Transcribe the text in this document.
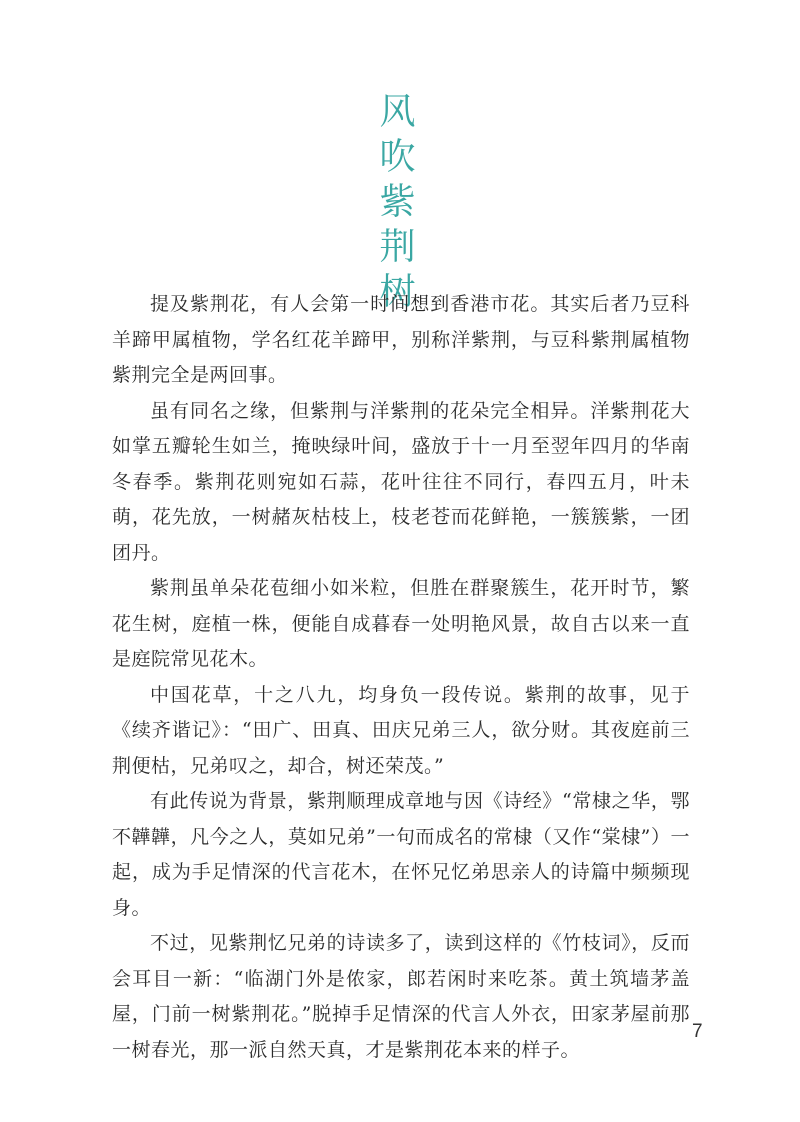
风吹紫荆树

提及紫荆花，有人会第一时间想到香港市花。其实后者乃豆科羊蹄甲属植物，学名红花羊蹄甲，别称洋紫荆，与豆科紫荆属植物紫荆完全是两回事。

虽有同名之缘，但紫荆与洋紫荆的花朵完全相异。洋紫荆花大如掌五瓣轮生如兰，掩映绿叶间，盛放于十一月至翌年四月的华南冬春季。紫荆花则宛如石蒜，花叶往往不同行，春四五月，叶未萌，花先放，一树赭灰枯枝上，枝老苍而花鲜艳，一簇簇紫，一团团丹。

紫荆虽单朵花苞细小如米粒，但胜在群聚簇生，花开时节，繁花生树，庭植一株，便能自成暮春一处明艳风景，故自古以来一直是庭院常见花木。

中国花草，十之八九，均身负一段传说。紫荆的故事，见于《续齐谐记》：“田广、田真、田庆兄弟三人，欲分财。其夜庭前三荆便枯，兄弟叹之，却合，树还荣茂。”

有此传说为背景，紫荆顺理成章地与因《诗经》“常棣之华，鄂不韡韡，凡今之人，莫如兄弟”一句而成名的常棣（又作“棠棣”）一起，成为手足情深的代言花木，在怀兄忆弟思亲人的诗篇中频频现身。

不过，见紫荆忆兄弟的诗读多了，读到这样的《竹枝词》，反而会耳目一新：“临湖门外是侬家，郎若闲时来吃茶。黄土筑墙茅盖屋，门前一树紫荆花。”脱掉手足情深的代言人外衣，田家茅屋前那一树春光，那一派自然天真，才是紫荆花本来的样子。

7
